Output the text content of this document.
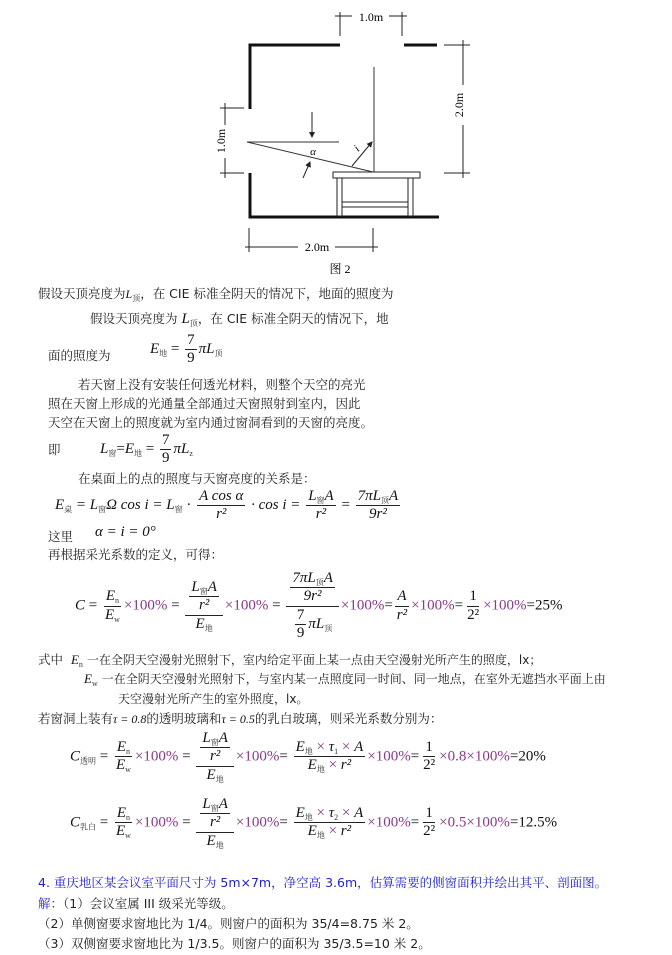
1.0m
2.0m
1.0m
2.0m
α	i
图 2
假设天顶亮度为$L_顶$，在 CIE 标准全阴天的情况下，地面的照度为
假设天顶亮度为 $L_顶$，在 CIE 标准全阴天的情况下，地
面的照度为	$E_地 = \frac{7}{9} \pi L_顶$
若天窗上没有安装任何透光材料，则整个天空的亮光
照在天窗上形成的光通量全部通过天窗照射到室内，因此
天空在天窗上的照度就为室内通过窗洞看到的天窗的亮度。
即	$L_窗=E_地 = \frac{7}{9} \pi L_z$
在桌面上的点的照度与天窗亮度的关系是：
$E_桌 = L_窗\Omega$ $\cos i = L_窗 \cdot \frac{\text{A cos α}}{\text{r²}} \cdot \cos i = \frac{L_窗A}{\text{r²}} = \frac{7\pi L_顶A}{\text{9r²}}$
这里 α = i = 0°
再根据采光系数的定义，可得：
$C = \frac{E_n}{E_w} \times 100\% = \frac{\frac{L_窗A}{\text{r²}}}{E_地} \times 100\% = \frac{\frac{7\pi L_顶A}{\text{9r²}}}{\frac{7}{9} \pi L_顶} \times 100\%= \frac{A}{\text{r²}} \times 100\%= \frac{1}{\text{2²}} \times 100\%=25\%$
式中 $E_n$ 一在全阴天空漫射光照射下，室内给定平面上某一点由天空漫射光所产生的照度，lx；
$E_w$ 一在全阴天空漫射光照射下，与室内某一点照度同一时间、同一地点，在室外无遮挡水平面上由
天空漫射光所产生的室外照度，lx。
若窗洞上装有τ = 0.8的透明玻璃和τ = 0.5的乳白玻璃，则采光系数分别为：
$C_{透明} = \frac{E_n}{E_w} \times 100\% = \frac{\frac{L_窗A}{\text{r²}}}{E_地} \times 100\%= \frac{E_地 \times \tau_1 \times A}{E_地 \times r^2} \times 100\%= \frac{1}{\text{2²}} \times 0.8\times 100\%=20\%$
$C_{乳白} = \frac{E_n}{E_w} \times 100\% = \frac{\frac{L_窗A}{\text{r²}}}{E_地} \times 100\%= \frac{E_地 \times \tau_2 \times A}{E_地 \times r^2} \times 100\%= \frac{1}{\text{2²}} \times 0.5\times 100\%=12.5\%$
4. 重庆地区某会议室平面尺寸为 5m×7m，净空高 3.6m，估算需要的侧窗面积并绘出其平、剖面图。
解：（1）会议室属 III 级采光等级。
（2）单侧窗要求窗地比为 1/4。则窗户的面积为 35/4=8.75 米 2。
（3）双侧窗要求窗地比为 1/3.5。则窗户的面积为 35/3.5=10 米 2。
